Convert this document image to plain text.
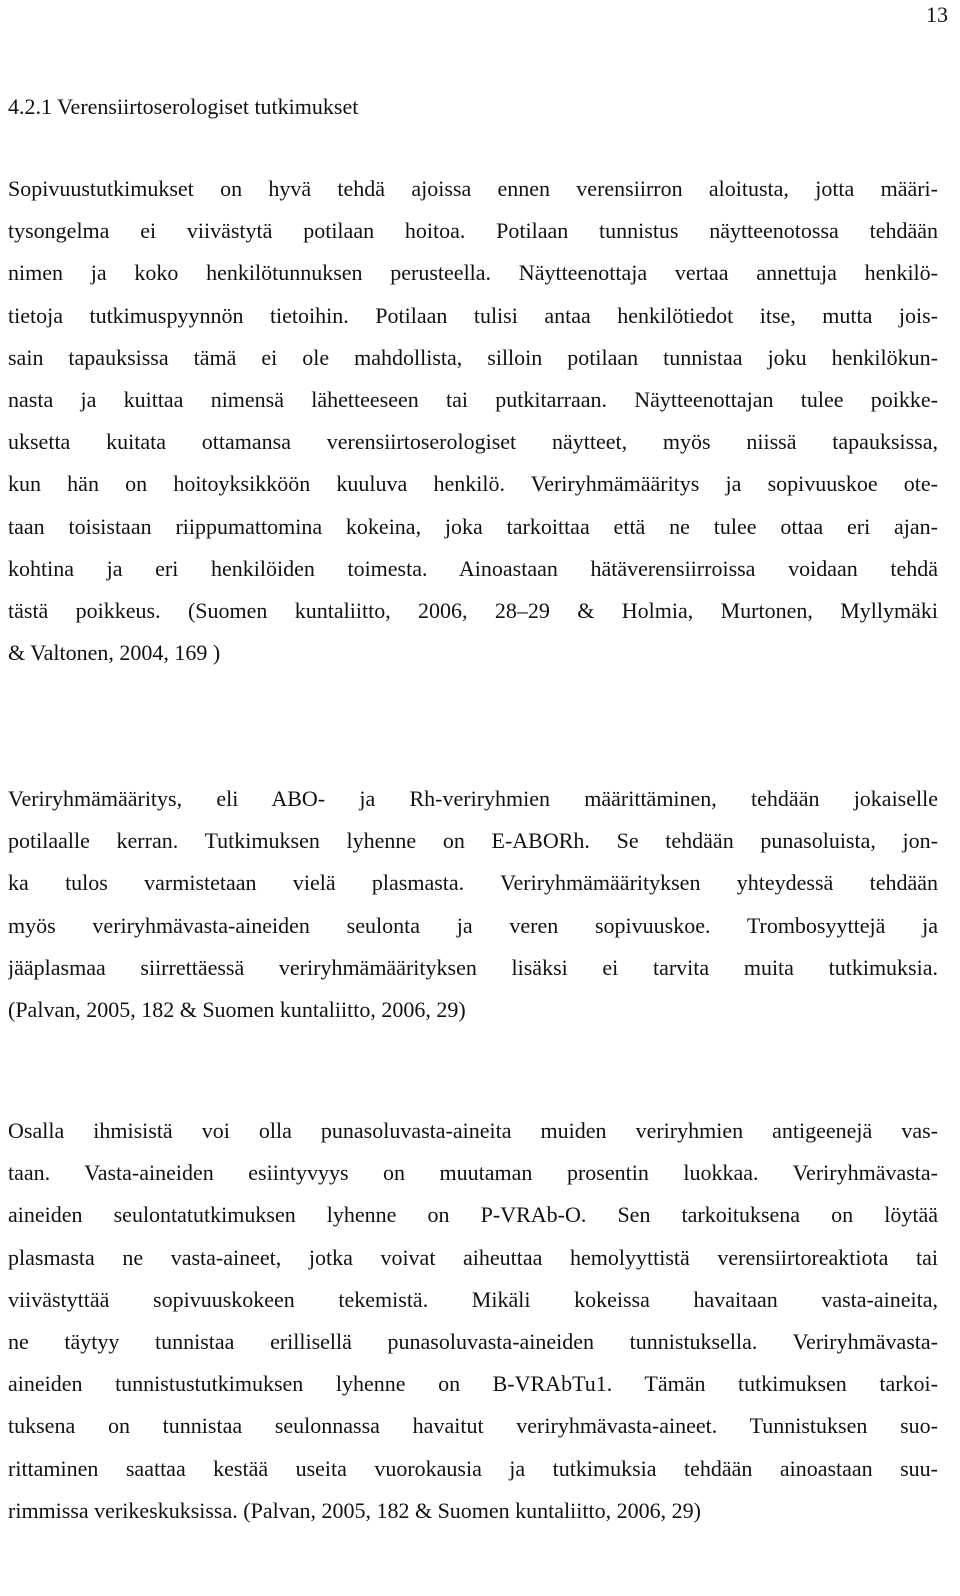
13
4.2.1 Verensiirtoserologiset tutkimukset
Sopivuustutkimukset on hyvä tehdä ajoissa ennen verensiirron aloitusta, jotta määri-
tysongelma ei viivästytä potilaan hoitoa. Potilaan tunnistus näytteenotossa tehdään
nimen ja koko henkilötunnuksen perusteella. Näytteenottaja vertaa annettuja henkilö-
tietoja tutkimuspyynnön tietoihin. Potilaan tulisi antaa henkilötiedot itse, mutta jois-
sain tapauksissa tämä ei ole mahdollista, silloin potilaan tunnistaa joku henkilökun-
nasta ja kuittaa nimensä lähetteeseen tai putkitarraan. Näytteenottajan tulee poikke-
uksetta kuitata ottamansa verensiirtoserologiset näytteet, myös niissä tapauksissa,
kun hän on hoitoyksikköön kuuluva henkilö. Veriryhmämääritys ja sopivuuskoe ote-
taan toisistaan riippumattomina kokeina, joka tarkoittaa että ne tulee ottaa eri ajan-
kohtina ja eri henkilöiden toimesta. Ainoastaan hätäverensiirroissa voidaan tehdä
tästä poikkeus. (Suomen kuntaliitto, 2006, 28–29 & Holmia, Murtonen, Myllymäki
& Valtonen, 2004, 169 )
Veriryhmämääritys, eli ABO- ja Rh-veriryhmien määrittäminen, tehdään jokaiselle
potilaalle kerran. Tutkimuksen lyhenne on E-ABORh. Se tehdään punasoluista, jon-
ka tulos varmistetaan vielä plasmasta. Veriryhmämäärityksen yhteydessä tehdään
myös veriryhmävasta-aineiden seulonta ja veren sopivuuskoe. Trombosyyttejä ja
jääplasmaa siirrettäessä veriryhmämäärityksen lisäksi ei tarvita muita tutkimuksia.
(Palvan, 2005, 182 & Suomen kuntaliitto, 2006, 29)
Osalla ihmisistä voi olla punasoluvasta-aineita muiden veriryhmien antigeenejä vas-
taan. Vasta-aineiden esiintyvyys on muutaman prosentin luokkaa. Veriryhmävasta-
aineiden seulontatutkimuksen lyhenne on P-VRAb-O. Sen tarkoituksena on löytää
plasmasta ne vasta-aineet, jotka voivat aiheuttaa hemolyyttistä verensiirtoreaktiota tai
viivästyttää sopivuuskokeen tekemistä. Mikäli kokeissa havaitaan vasta-aineita,
ne täytyy tunnistaa erillisellä punasoluvasta-aineiden tunnistuksella. Veriryhmävasta-
aineiden tunnistustutkimuksen lyhenne on B-VRAbTu1. Tämän tutkimuksen tarkoi-
tuksena on tunnistaa seulonnassa havaitut veriryhmävasta-aineet. Tunnistuksen suo-
rittaminen saattaa kestää useita vuorokausia ja tutkimuksia tehdään ainoastaan suu-
rimmissa verikeskuksissa. (Palvan, 2005, 182 & Suomen kuntaliitto, 2006, 29)
